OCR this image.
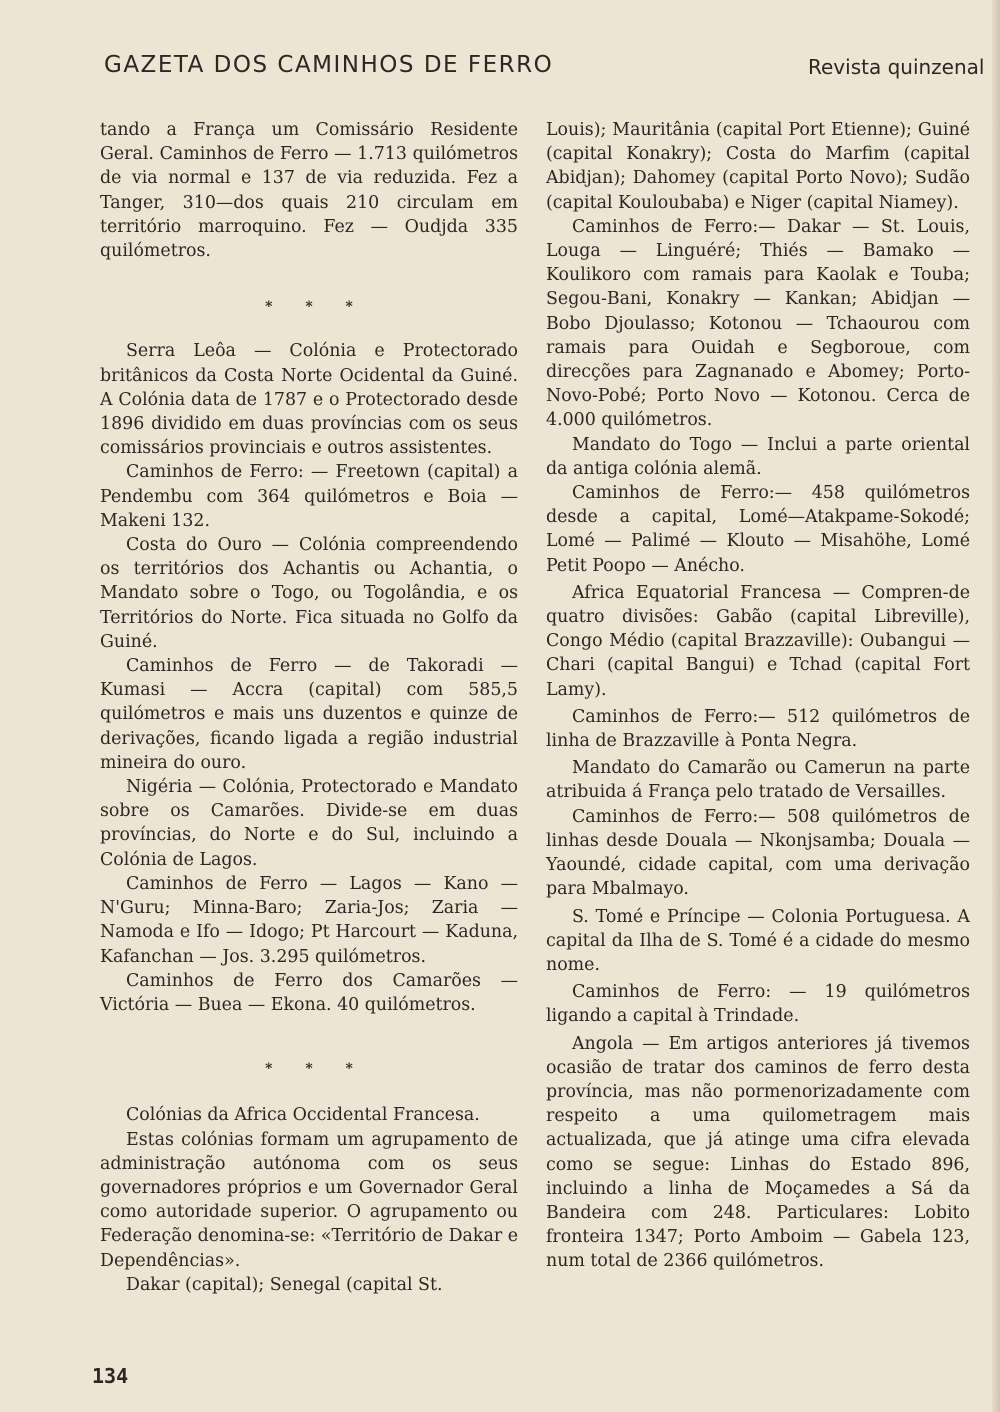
GAZETA DOS CAMINHOS DE FERRO	Revista quinzenal

tando a França um Comissário Residente Geral. Caminhos de Ferro — 1.713 quilómetros de via normal e 137 de via reduzida. Fez a Tanger, 310—dos quais 210 circulam em território marroquino. Fez — Oudjda 335 quilómetros.

* * *

Serra Leôa — Colónia e Protectorado britânicos da Costa Norte Ocidental da Guiné. A Colónia data de 1787 e o Protectorado desde 1896 dividido em duas províncias com os seus comissários provinciais e outros assistentes.

Caminhos de Ferro: — Freetown (capital) a Pendembu com 364 quilómetros e Boia — Makeni 132.

Costa do Ouro — Colónia compreendendo os territórios dos Achantis ou Achantia, o Mandato sobre o Togo, ou Togolândia, e os Territórios do Norte. Fica situada no Golfo da Guiné.

Caminhos de Ferro — de Takoradi — Kumasi — Accra (capital) com 585,5 quilómetros e mais uns duzentos e quinze de derivações, ficando ligada a região industrial mineira do ouro.

Nigéria — Colónia, Protectorado e Mandato sobre os Camarões. Divide-se em duas províncias, do Norte e do Sul, incluindo a Colónia de Lagos.

Caminhos de Ferro — Lagos — Kano — N'Guru; Minna-Baro; Zaria-Jos; Zaria — Namoda e Ifo — Idogo; Pt Harcourt — Kaduna, Kafanchan — Jos. 3.295 quilómetros.

Caminhos de Ferro dos Camarões — Victória — Buea — Ekona. 40 quilómetros.

* * *

Colónias da Africa Occidental Francesa.

Estas colónias formam um agrupamento de administração autónoma com os seus governadores próprios e um Governador Geral como autoridade superior. O agrupamento ou Federação denomina-se: «Território de Dakar e Dependências».

Dakar (capital); Senegal (capital St.

Louis); Mauritânia (capital Port Etienne); Guiné (capital Konakry); Costa do Marfim (capital Abidjan); Dahomey (capital Porto Novo); Sudão (capital Kouloubaba) e Niger (capital Niamey).

Caminhos de Ferro:— Dakar — St. Louis, Louga — Linguéré; Thiés — Bamako — Koulikoro com ramais para Kaolak e Touba; Segou-Bani, Konakry — Kankan; Abidjan — Bobo Djoulasso; Kotonou — Tchaourou com ramais para Ouidah e Segboroue, com direcções para Zagnanado e Abomey; Porto-Novo-Pobé; Porto Novo — Kotonou. Cerca de 4.000 quilómetros.

Mandato do Togo — Inclui a parte oriental da antiga colónia alemã.

Caminhos de Ferro:— 458 quilómetros desde a capital, Lomé—Atakpame-Sokodé; Lomé — Palimé — Klouto — Misahöhe, Lomé Petit Poopo — Anécho.

Africa Equatorial Francesa — Compren-de quatro divisões: Gabão (capital Libreville), Congo Médio (capital Brazzaville): Oubangui — Chari (capital Bangui) e Tchad (capital Fort Lamy).

Caminhos de Ferro:— 512 quilómetros de linha de Brazzaville à Ponta Negra.

Mandato do Camarão ou Camerun na parte atribuida á França pelo tratado de Versailles.

Caminhos de Ferro:— 508 quilómetros de linhas desde Douala — Nkonjsamba; Douala — Yaoundé, cidade capital, com uma derivação para Mbalmayo.

S. Tomé e Príncipe — Colonia Portuguesa. A capital da Ilha de S. Tomé é a cidade do mesmo nome.

Caminhos de Ferro: — 19 quilómetros ligando a capital à Trindade.

Angola — Em artigos anteriores já tivemos ocasião de tratar dos caminos de ferro desta província, mas não pormenorizadamente com respeito a uma quilometragem mais actualizada, que já atinge uma cifra elevada como se segue: Linhas do Estado 896, incluindo a linha de Moçamedes a Sá da Bandeira com 248. Particulares: Lobito fronteira 1347; Porto Amboim — Gabela 123, num total de 2366 quilómetros.

134
